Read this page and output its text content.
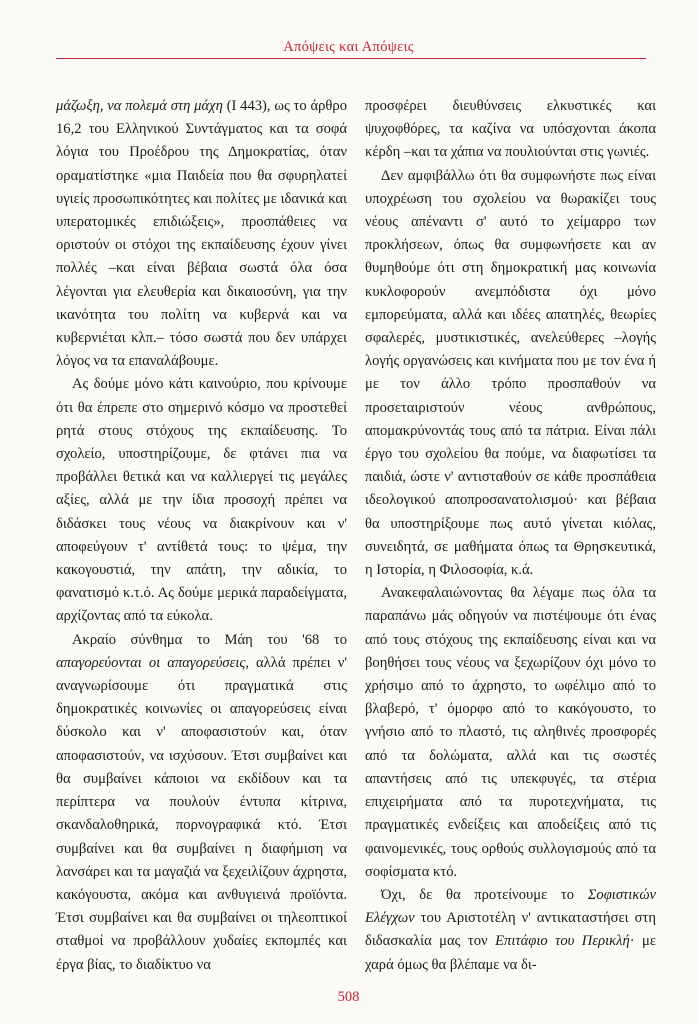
Απόψεις και Απόψεις

μάζωξη, να πολεμά στη μάχη (Ι 443), ως το άρθρο 16,2 του Ελληνικού Συντάγματος και τα σοφά λόγια του Προέδρου της Δημοκρατίας, όταν οραματίστηκε «μια Παιδεία που θα σφυρηλατεί υγιείς προσωπικότητες και πολίτες με ιδανικά και υπερατομικές επιδιώξεις», προσπάθειες να οριστούν οι στόχοι της εκπαίδευσης έχουν γίνει πολλές –και είναι βέβαια σωστά όλα όσα λέγονται για ελευθερία και δικαιοσύνη, για την ικανότητα του πολίτη να κυβερνά και να κυβερνιέται κλπ.– τόσο σωστά που δεν υπάρχει λόγος να τα επαναλάβουμε.

Ας δούμε μόνο κάτι καινούριο, που κρίνουμε ότι θα έπρεπε στο σημερινό κόσμο να προστεθεί ρητά στους στόχους της εκπαίδευσης. Το σχολείο, υποστηρίζουμε, δε φτάνει πια να προβάλλει θετικά και να καλλιεργεί τις μεγάλες αξίες, αλλά με την ίδια προσοχή πρέπει να διδάσκει τους νέους να διακρίνουν και ν' αποφεύγουν τ' αντίθετά τους: το ψέμα, την κακογουστιά, την απάτη, την αδικία, το φανατισμό κ.τ.ό. Ας δούμε μερικά παραδείγματα, αρχίζοντας από τα εύκολα.

Ακραίο σύνθημα το Μάη του '68 το απαγορεύονται οι απαγορεύσεις, αλλά πρέπει ν' αναγνωρίσουμε ότι πραγματικά στις δημοκρατικές κοινωνίες οι απαγορεύσεις είναι δύσκολο και ν' αποφασιστούν και, όταν αποφασιστούν, να ισχύσουν. Έτσι συμβαίνει και θα συμβαίνει κάποιοι να εκδίδουν και τα περίπτερα να πουλούν έντυπα κίτρινα, σκανδαλοθηρικά, πορνογραφικά κτό. Έτσι συμβαίνει και θα συμβαίνει η διαφήμιση να λανσάρει και τα μαγαζιά να ξεχειλίζουν άχρηστα, κακόγουστα, ακόμα και ανθυγιεινά προϊόντα. Έτσι συμβαίνει και θα συμβαίνει οι τηλεοπτικοί σταθμοί να προβάλλουν χυδαίες εκπομπές και έργα βίας, το διαδίκτυο να

προσφέρει διευθύνσεις ελκυστικές και ψυχοφθόρες, τα καζίνα να υπόσχονται άκοπα κέρδη –και τα χάπια να πουλιούνται στις γωνιές.

Δεν αμφιβάλλω ότι θα συμφωνήστε πως είναι υποχρέωση του σχολείου να θωρακίζει τους νέους απέναντι σ' αυτό το χείμαρρο των προκλήσεων, όπως θα συμφωνήσετε και αν θυμηθούμε ότι στη δημοκρατική μας κοινωνία κυκλοφορούν ανεμπόδιστα όχι μόνο εμπορεύματα, αλλά και ιδέες απατηλές, θεωρίες σφαλερές, μυστικιστικές, ανελεύθερες –λογής λογής οργανώσεις και κινήματα που με τον ένα ή με τον άλλο τρόπο προσπαθούν να προσεταιριστούν νέους ανθρώπους, απομακρύνοντάς τους από τα πάτρια. Είναι πάλι έργο του σχολείου θα πούμε, να διαφωτίσει τα παιδιά, ώστε ν' αντισταθούν σε κάθε προσπάθεια ιδεολογικού αποπροσανατολισμού· και βέβαια θα υποστηρίξουμε πως αυτό γίνεται κιόλας, συνειδητά, σε μαθήματα όπως τα Θρησκευτικά, η Ιστορία, η Φιλοσοφία, κ.ά.

Ανακεφαλαιώνοντας θα λέγαμε πως όλα τα παραπάνω μάς οδηγούν να πιστέψουμε ότι ένας από τους στόχους της εκπαίδευσης είναι και να βοηθήσει τους νέους να ξεχωρίζουν όχι μόνο το χρήσιμο από το άχρηστο, το ωφέλιμο από το βλαβερό, τ' όμορφο από το κακόγουστο, το γνήσιο από το πλαστό, τις αληθινές προσφορές από τα δολώματα, αλλά και τις σωστές απαντήσεις από τις υπεκφυγές, τα στέρια επιχειρήματα από τα πυροτεχνήματα, τις πραγματικές ενδείξεις και αποδείξεις από τις φαινομενικές, τους ορθούς συλλογισμούς από τα σοφίσματα κτό.

Όχι, δε θα προτείνουμε το Σοφιστικών Ελέγχων του Αριστοτέλη ν' αντικαταστήσει στη διδασκαλία μας τον Επιτάφιο του Περικλή· με χαρά όμως θα βλέπαμε να δι-

508
